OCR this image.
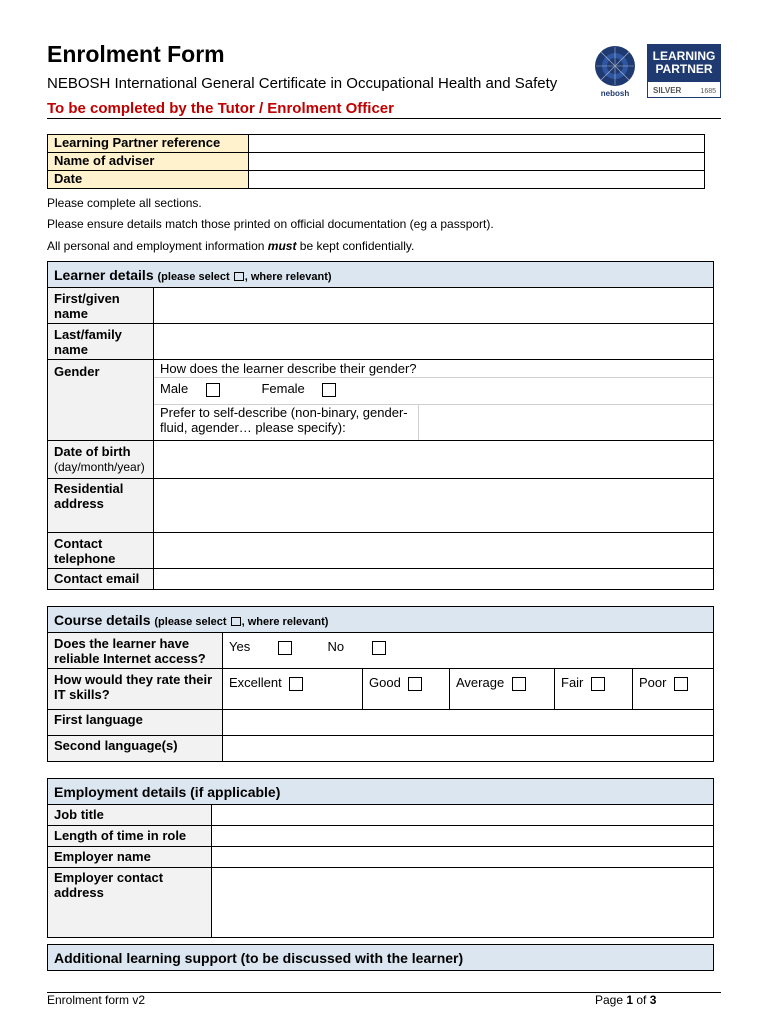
Enrolment Form
NEBOSH International General Certificate in Occupational Health and Safety
To be completed by the Tutor / Enrolment Officer
nebosh
LEARNING
PARTNER
SILVER	1685
Learning Partner reference	
Name of adviser	
Date	
Please complete all sections.
Please ensure details match those printed on official documentation (eg a passport).
All personal and employment information must be kept confidentially.
Learner details (please select , where relevant)
First/given name	
Last/family name	
Gender		How does the learner describe their gender?
Male	Female
Prefer to self-describe (non-binary, gender-fluid, agender… please specify):	

Date of birth
(day/month/year)	
Residential address	
Contact telephone	
Contact email	
Course details (please select , where relevant)					
Does the learner have reliable Internet access?	Yes No				
How would they rate their IT skills?	Excellent	Good	Average	Fair	Poor
First language					
Second language(s)					
Employment details (if applicable)	
Job title	
Length of time in role	
Employer name	
Employer contact address	
Additional learning support (to be discussed with the learner)
Enrolment form v2	Page 1 of 3
